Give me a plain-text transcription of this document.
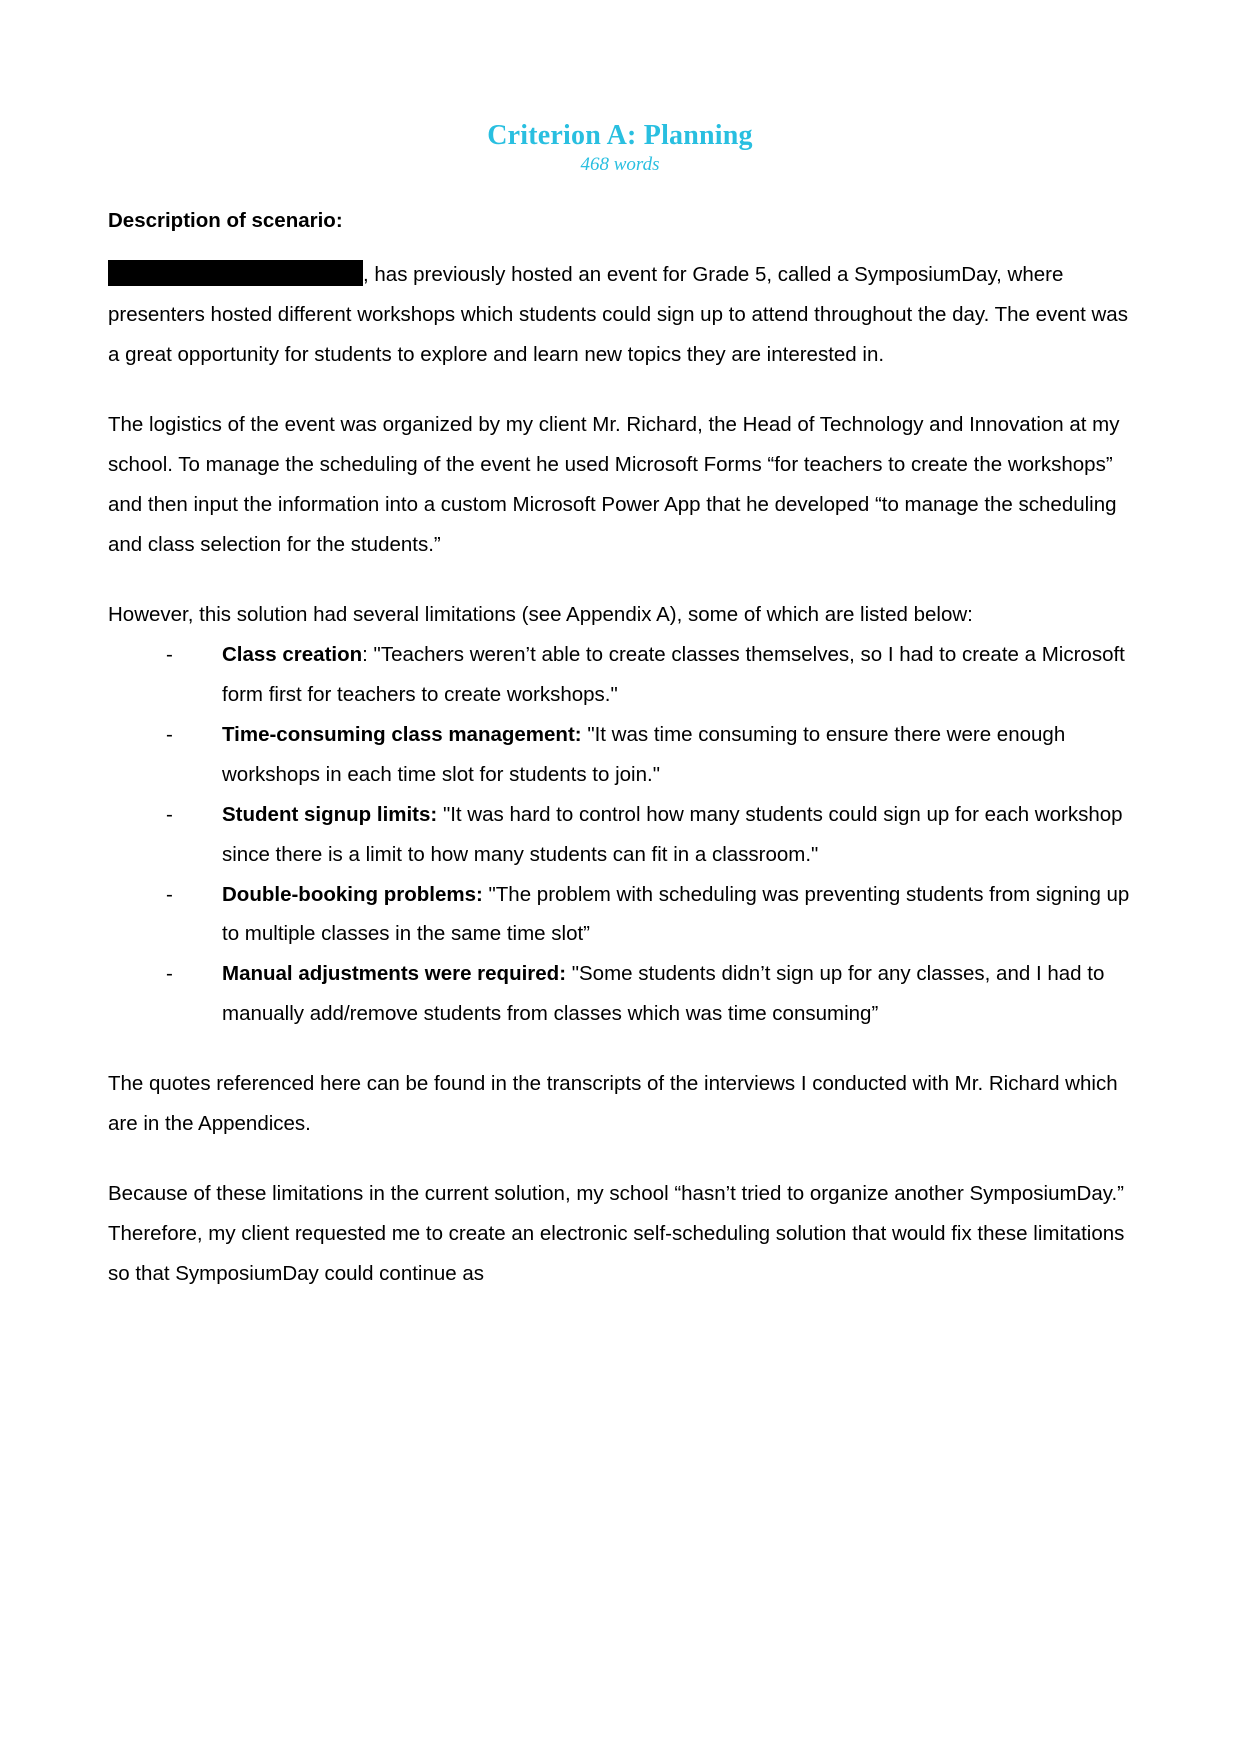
Criterion A: Planning
468 words
Description of scenario:

, has previously hosted an event for Grade 5, called a SymposiumDay, where presenters hosted different workshops which students could sign up to attend throughout the day. The event was a great opportunity for students to explore and learn new topics they are interested in.

The logistics of the event was organized by my client Mr. Richard, the Head of Technology and Innovation at my school. To manage the scheduling of the event he used Microsoft Forms “for teachers to create the workshops” and then input the information into a custom Microsoft Power App that he developed “to manage the scheduling and class selection for the students.”

However, this solution had several limitations (see Appendix A), some of which are listed below:

- Class creation: "Teachers weren’t able to create classes themselves, so I had to create a Microsoft form first for teachers to create workshops."
- Time-consuming class management: "It was time consuming to ensure there were enough workshops in each time slot for students to join."
- Student signup limits: "It was hard to control how many students could sign up for each workshop since there is a limit to how many students can fit in a classroom."
- Double-booking problems: "The problem with scheduling was preventing students from signing up to multiple classes in the same time slot”
- Manual adjustments were required: "Some students didn’t sign up for any classes, and I had to manually add/remove students from classes which was time consuming”

The quotes referenced here can be found in the transcripts of the interviews I conducted with Mr. Richard which are in the Appendices.

Because of these limitations in the current solution, my school “hasn’t tried to organize another SymposiumDay.” Therefore, my client requested me to create an electronic self-scheduling solution that would fix these limitations so that SymposiumDay could continue as
